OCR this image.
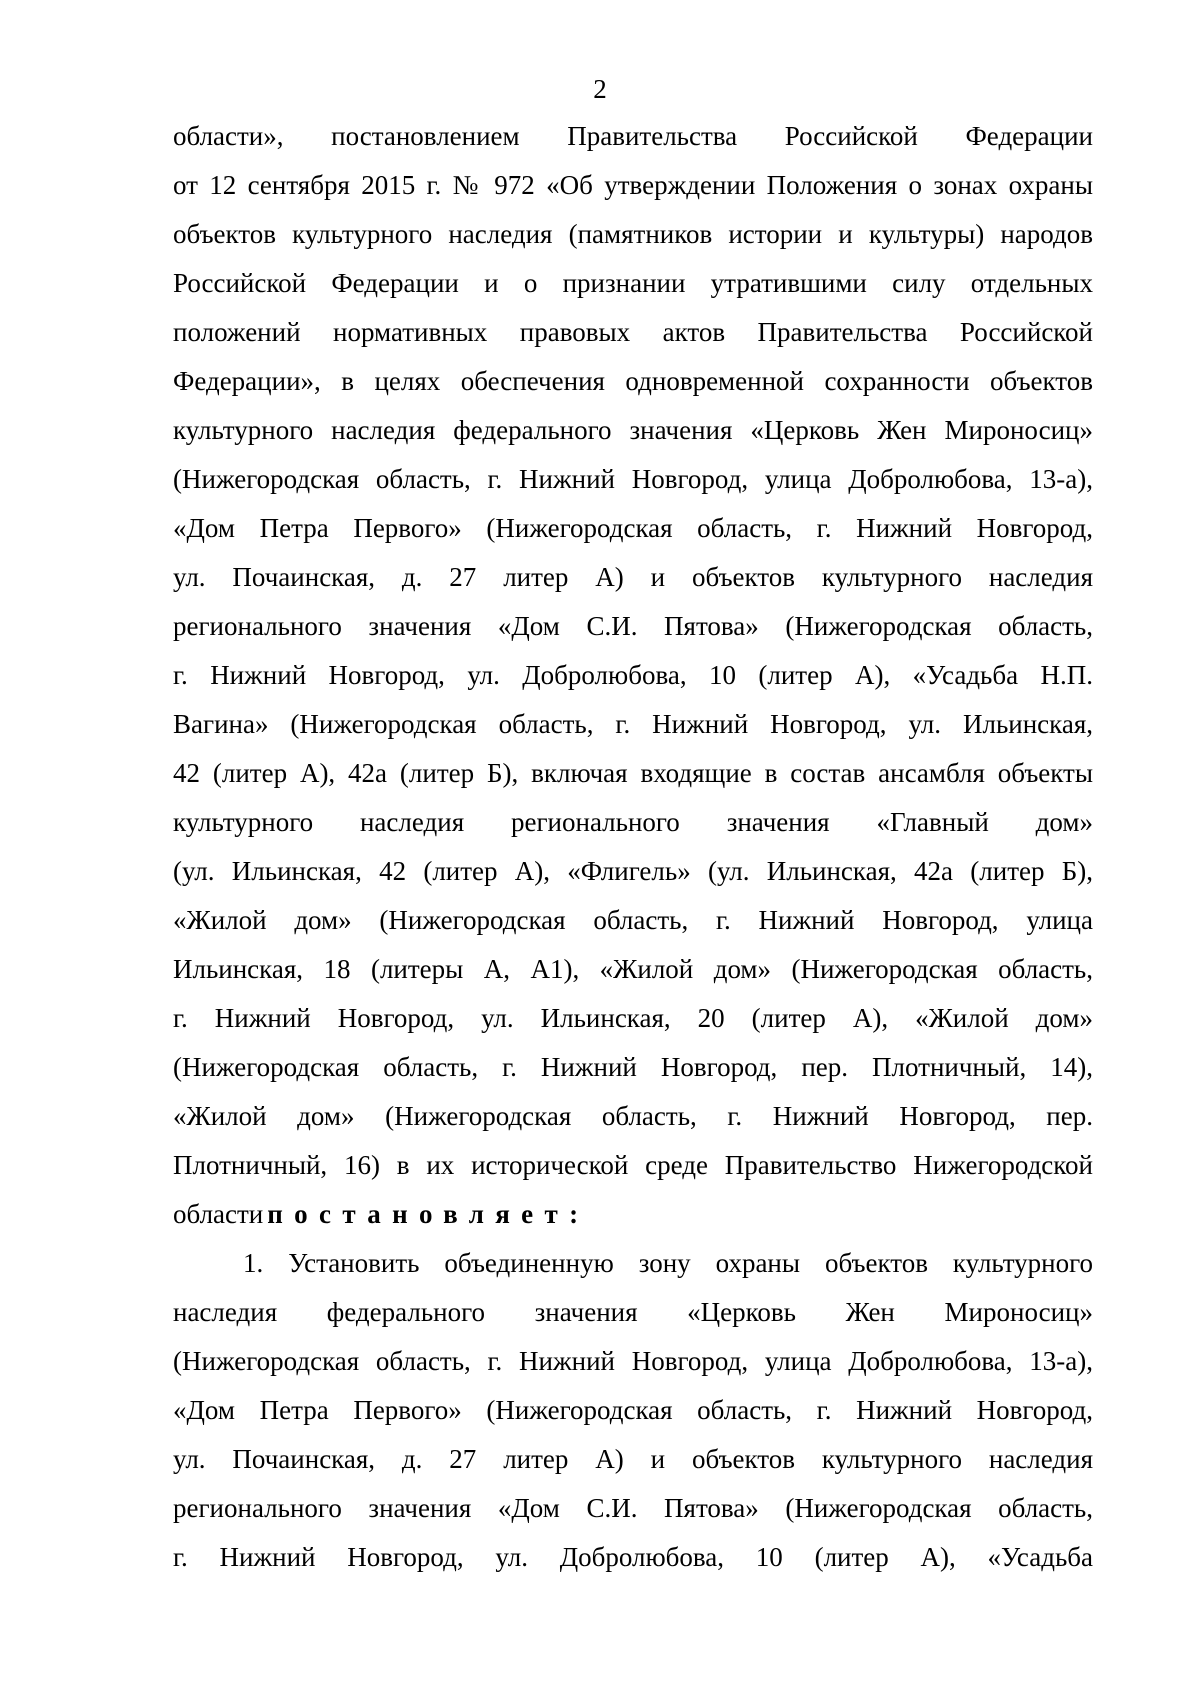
2
области», постановлением Правительства Российской Федерации
от 12 сентября 2015 г. № 972 «Об утверждении Положения о зонах охраны
объектов культурного наследия (памятников истории и культуры) народов
Российской Федерации и о признании утратившими силу отдельных
положений нормативных правовых актов Правительства Российской
Федерации», в целях обеспечения одновременной сохранности объектов
культурного наследия федерального значения «Церковь Жен Мироносиц»
(Нижегородская область, г. Нижний Новгород, улица Добролюбова, 13-а),
«Дом Петра Первого» (Нижегородская область, г. Нижний Новгород,
ул. Почаинская, д. 27 литер А) и объектов культурного наследия
регионального значения «Дом С.И. Пятова» (Нижегородская область,
г. Нижний Новгород, ул. Добролюбова, 10 (литер А), «Усадьба Н.П.
Вагина» (Нижегородская область, г. Нижний Новгород, ул. Ильинская,
42 (литер А), 42а (литер Б), включая входящие в состав ансамбля объекты
культурного наследия регионального значения «Главный дом»
(ул. Ильинская, 42 (литер А), «Флигель» (ул. Ильинская, 42а (литер Б),
«Жилой дом» (Нижегородская область, г. Нижний Новгород, улица
Ильинская, 18 (литеры А, А1), «Жилой дом» (Нижегородская область,
г. Нижний Новгород, ул. Ильинская, 20 (литер А), «Жилой дом»
(Нижегородская область, г. Нижний Новгород, пер. Плотничный, 14),
«Жилой дом» (Нижегородская область, г. Нижний Новгород, пер.
Плотничный, 16) в их исторической среде Правительство Нижегородской
области постановляет:
1. Установить объединенную зону охраны объектов культурного
наследия федерального значения «Церковь Жен Мироносиц»
(Нижегородская область, г. Нижний Новгород, улица Добролюбова, 13-а),
«Дом Петра Первого» (Нижегородская область, г. Нижний Новгород,
ул. Почаинская, д. 27 литер А) и объектов культурного наследия
регионального значения «Дом С.И. Пятова» (Нижегородская область,
г. Нижний Новгород, ул. Добролюбова, 10 (литер А), «Усадьба
